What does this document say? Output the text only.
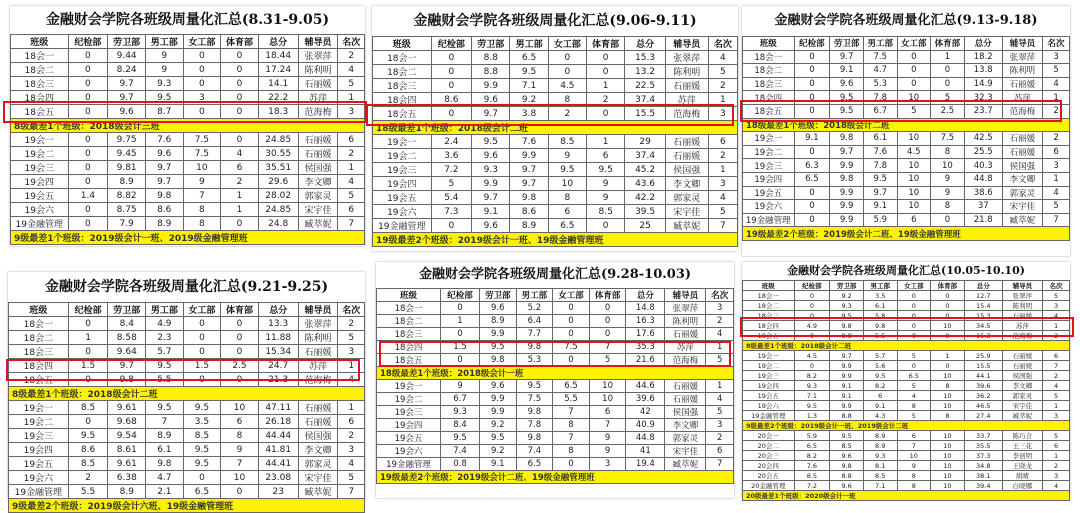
金融财会学院各班级周量化汇总(8.31-9.05)
班级	纪检部	劳卫部	男工部	女工部	体育部	总分	辅导员	名次
18会一	0	9.44	9	0	0	18.44	张翠萍	2
18会二	0	8.24	9	0	0	17.24	陈利明	4
18会三	0	9.7	9.3	0	0	14.1	石丽媛	5
18会四	0	9.7	9.5	3	0	22.2	苏萍	1
18会五	0	9.6	8.7	0	0	18.3	范海梅	3
8级最差1个班级：2018级会计三班								
19会一	0	9.75	7.6	7.5	0	24.85	石丽媛	6
19会二	0	9.45	9.6	7.5	4	30.55	石丽媛	2
19会三	0	9.81	9.7	10	6	35.51	侯国强	1
19会四	0	8.9	9.7	9	2	29.6	李文卿	4
19会五	1.4	8.82	9.8	7	1	28.02	郭家灵	5
19会六	0	8.75	8.6	8	1	24.85	宋宇佳	6
19金融管理	0	7.9	8.9	8	0	24.8	臧萃妮	7
9级最差1个班级：2019级会计一班、2019级金融管理班								
金融财会学院各班级周量化汇总(9.06-9.11)
班级	纪检部	劳卫部	男工部	女工部	体育部	总分	辅导员	名次
18会一	0	8.8	6.5	0	0	15.3	张翠萍	4
18会二	0	8.8	9.5	0	0	13.2	陈利明	5
18会三	0	9.9	7.1	4.5	1	22.5	石丽媛	2
18会四	8.6	9.6	9.2	8	2	37.4	苏萍	1
18会五	0	9.7	3.8	2	0	15.5	范海梅	3
18级最差1个班级：2018级会计二班								
19会一	2.4	9.5	7.6	8.5	1	29	石丽媛	6
19会二	3.6	9.6	9.9	9	6	37.4	石丽媛	2
19会三	7.2	9.3	9.7	9.5	9.5	45.2	侯国强	1
19会四	5	9.9	9.7	10	9	43.6	李文卿	3
19会五	5.4	9.7	9.8	8	9	42.2	郭家灵	4
19会六	7.3	9.1	8.6	6	8.5	39.5	宋宇佳	5
19金融管理	0	9.6	8.9	6.5	0	25	臧萃妮	7
19级最差2个班级：2019级会计一班、19级金融管理班								
金融财会学院各班级周量化汇总(9.13-9.18)
班级	纪检部	劳卫部	男工部	女工部	体育部	总分	辅导员	名次
18会一	0	9.7	7.5	0	1	18.2	张翠萍	3
18会二	0	9.1	4.7	0	0	13.8	陈利明	5
18会三	0	9.6	5.3	0	0	14.9	石丽媛	4
18会四	0	9.5	7.8	10	5	32.3	苏萍	1
18会五	0	9.5	6.7	5	2.5	23.7	范海梅	2
18级最差1个班级：2018级会计二班								
19会一	9.1	9.8	6.1	10	7.5	42.5	石丽媛	2
19会二	0	9.7	7.6	4.5	8	25.5	石丽媛	6
19会三	6.3	9.9	7.8	10	10	40.3	侯国强	3
19会四	6.5	9.8	9.5	10	9	44.8	李文卿	1
19会五	0	9.9	9.7	10	9	38.6	郭家灵	4
19会六	0	9.9	9.1	10	8	37	宋宇佳	5
19金融管理	0	9.9	5.9	6	0	21.8	臧萃妮	7
19级最差2个班级：2019级会计二班、19级金融管理班								
金融财会学院各班级周量化汇总(9.21-9.25)
班级	纪检部	劳卫部	男工部	女工部	体育部	总分	辅导员	名次
18会一	0	8.4	4.9	0	0	13.3	张翠萍	2
18会二	1	8.58	2.3	0	0	11.88	陈利明	5
18会三	0	9.64	5.7	0	0	15.34	石丽媛	3
18会四	1.5	9.7	9.5	1.5	2.5	24.7	苏萍	1
18会五	0	9.8	5.5	0	0	21.3	范海梅	4
8级最差1个班级：2018级会计二班								
19会一	8.5	9.61	9.5	9.5	10	47.11	石丽媛	1
19会二	0	9.68	7	3.5	6	26.18	石丽媛	6
19会三	9.5	9.54	8.9	8.5	8	44.44	侯国强	2
19会四	8.6	8.61	6.1	9.5	9	41.81	李文卿	3
19会五	8.5	9.61	9.8	9.5	7	44.41	郭家灵	4
19会六	2	6.38	4.7	0	10	23.08	宋宇佳	5
19金融管理	5.5	8.9	2.1	6.5	0	23	臧萃妮	7
9级最差2个班级：2019级会计六班、19级金融管理班								
金融财会学院各班级周量化汇总(9.28-10.03)
班级	纪检部	劳卫部	男工部	女工部	体育部	总分	辅导员	名次
18会一	0	9.6	5.2	0	0	14.8	张翠萍	3
18会二	1	8.9	6.4	0	0	16.3	陈利明	2
18会三	0	9.9	7.7	0	0	17.6	石丽媛	4
18会四	1.5	9.5	9.8	7.5	7	35.3	苏萍	1
18会五	0	9.8	5.3	0	5	21.6	范海梅	5
18级最差1个班级：2018级会计一班								
19会一	9	9.6	9.5	6.5	10	44.6	石丽媛	1
19会二	6.7	9.9	7.5	5.5	10	39.6	石丽媛	4
19会三	9.3	9.9	9.8	7	6	42	侯国强	5
19会四	8.4	9.2	7.8	8	7	40.9	李文卿	3
19会五	9.5	9.5	9.8	7	9	44.8	郭家灵	2
19会六	7.4	9.2	7.4	8	9	41	宋宇佳	6
19金融管理	0.8	9.1	6.5	0	3	19.4	臧萃妮	7
19级最差2个班级：2019级会计二班、19级金融管理班								
金融财会学院各班级周量化汇总(10.05-10.10)
班级	纪检部	劳卫部	男工部	女工部	体育部	总分	辅导员	名次
18会一	0	9.2	3.5	0	0	12.7	张翠萍	5
18会二	0	9.3	6.1	0	0	15.4	陈利明	3
18会三	0	9.5	5.8	0	0	15.3	石丽媛	4
18会四	4.9	9.8	9.8	0	10	34.5	苏萍	1
18会五	0	9.8	5.5	0	0	15.3	范海梅	2
8级最差1个班级：2018级会计二班								
19会一	4.5	9.7	5.7	5	1	25.9	石丽媛	6
19会二	0	9.9	5.6	0	0	15.5	石丽媛	7
19会三	8.2	9.9	9.5	6.5	10	44.1	侯国强	2
19会四	9.3	9.1	8.2	5	8	39.6	李文卿	4
19会五	7.1	9.1	6	4	10	36.2	郭家灵	5
19会六	9.5	9.9	9.1	8	10	46.5	宋宇佳	1
19金融管理	1.3	8.8	4.3	5	8	27.4	臧萃妮	3
9级最差2个班级：2019级会计一班、2019级会计二班								
20会一	5.9	9.5	8.9	6	10	33.7	陈巧合	5
20会二	6.5	8.5	8.9	7	10	35.5	王三花	6
20会三	8.2	9.6	9.3	10	10	37.3	李创明	1
20会四	7.6	9.8	8.1	9	10	34.8	王晓龙	2
20会五	8.5	8.8	8.5	8	10	38.1	胡晴	3
20金融管理	7.2	9.6	7.1	8	10	39.4	白晓娜	4
20级最差1个班级：2020级会计一班								
